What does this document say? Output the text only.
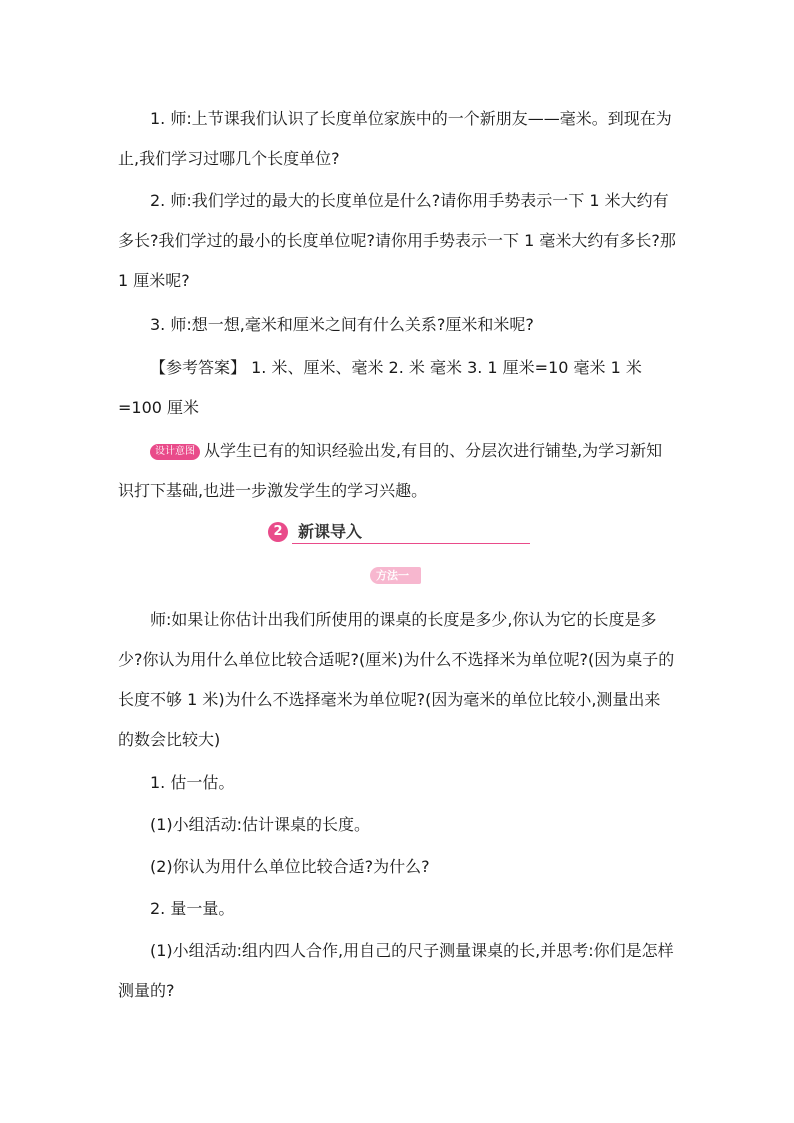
1. 师:上节课我们认识了长度单位家族中的一个新朋友——毫米。到现在为止,我们学习过哪几个长度单位?

2. 师:我们学过的最大的长度单位是什么?请你用手势表示一下 1 米大约有多长?我们学过的最小的长度单位呢?请你用手势表示一下 1 毫米大约有多长?那 1 厘米呢?

3. 师:想一想,毫米和厘米之间有什么关系?厘米和米呢?

【参考答案】 1. 米、厘米、毫米 2. 米 毫米 3. 1 厘米=10 毫米 1 米=100 厘米

设计意图 从学生已有的知识经验出发,有目的、分层次进行铺垫,为学习新知识打下基础,也进一步激发学生的学习兴趣。

2 新课导入
方法一

师:如果让你估计出我们所使用的课桌的长度是多少,你认为它的长度是多少?你认为用什么单位比较合适呢?(厘米)为什么不选择米为单位呢?(因为桌子的长度不够 1 米)为什么不选择毫米为单位呢?(因为毫米的单位比较小,测量出来的数会比较大)

1. 估一估。

(1)小组活动:估计课桌的长度。

(2)你认为用什么单位比较合适?为什么?

2. 量一量。

(1)小组活动:组内四人合作,用自己的尺子测量课桌的长,并思考:你们是怎样测量的?
